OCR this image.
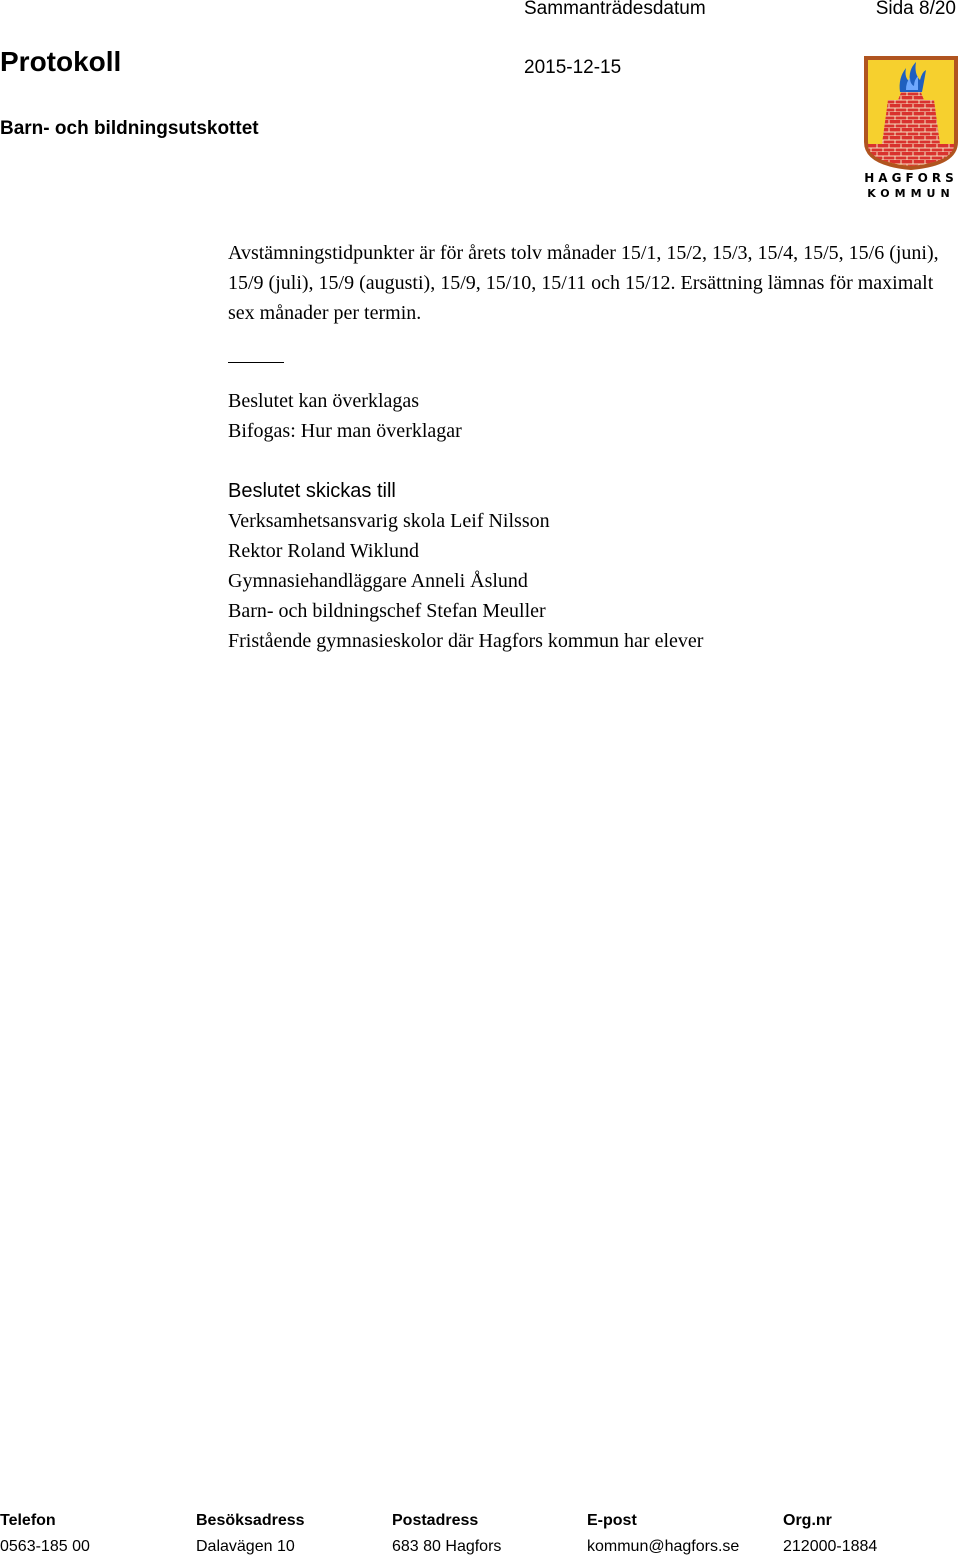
Sammanträdesdatum	Sida 8/20
Protokoll	2015-12-15
Barn- och bildningsutskottet
HAGFORS
KOMMUN
Avstämningstidpunkter är för årets tolv månader 15/1, 15/2, 15/3, 15/4, 15/5, 15/6 (juni), 15/9 (juli), 15/9 (augusti), 15/9, 15/10, 15/11 och 15/12. Ersättning lämnas för maximalt sex månader per termin.
Beslutet kan överklagas
Bifogas: Hur man överklagar
Beslutet skickas till
Verksamhetsansvarig skola Leif Nilsson
Rektor Roland Wiklund
Gymnasiehandläggare Anneli Åslund
Barn- och bildningschef Stefan Meuller
Fristående gymnasieskolor där Hagfors kommun har elever
Telefon	Besöksadress	Postadress	E-post	Org.nr
0563-185 00	Dalavägen 10	683 80 Hagfors	kommun@hagfors.se	212000-1884
